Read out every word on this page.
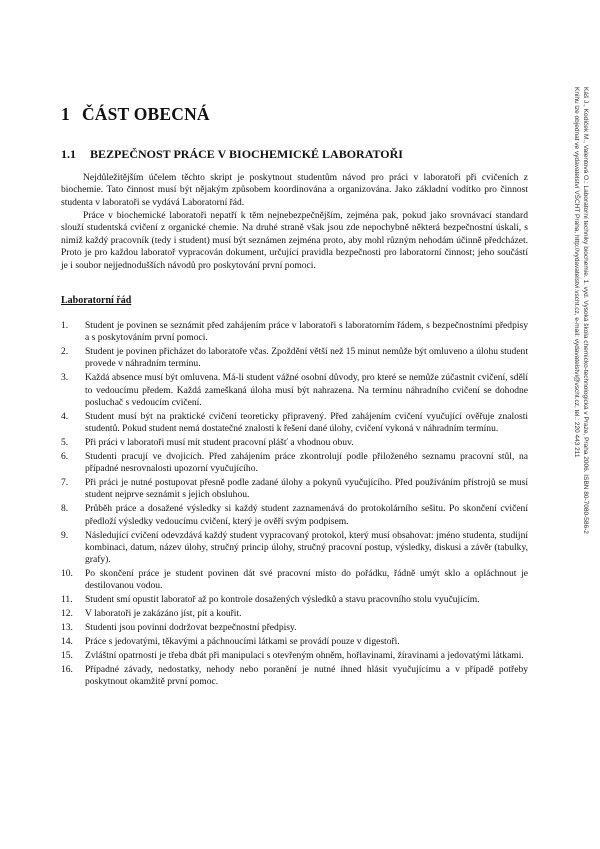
1 ČÁST OBECNÁ
1.1 BEZPEČNOST PRÁCE V BIOCHEMICKÉ LABORATOŘI

Nejdůležitějším účelem těchto skript je poskytnout studentům návod pro práci v laboratoři při cvičeních z biochemie. Tato činnost musí být nějakým způsobem koordinována a organizována. Jako základní vodítko pro činnost studenta v laboratoři se vydává Laboratorní řád.

Práce v biochemické laboratoři nepatří k těm nejnebezpečnějším, zejména pak, pokud jako srovnávací standard slouží studentská cvičení z organické chemie. Na druhé straně však jsou zde nepochybně některá bezpečnostní úskalí, s nimiž každý pracovník (tedy i student) musí být seznámen zejména proto, aby mohl různým nehodám účinně předcházet. Proto je pro každou laboratoř vypracován dokument, určující pravidla bezpečnosti pro laboratorní činnost; jeho součástí je i soubor nejjednodušších návodů pro poskytování první pomoci.

Laboratorní řád
1. Student je povinen se seznámit před zahájením práce v laboratoři s laboratorním řádem, s bezpečnostními předpisy a s poskytováním první pomoci.
2. Student je povinen přicházet do laboratoře včas. Zpoždění větší než 15 minut nemůže být omluveno a úlohu student provede v náhradním termínu.
3. Každá absence musí být omluvena. Má-li student vážné osobní důvody, pro které se nemůže zúčastnit cvičení, sdělí to vedoucímu předem. Každá zameškaná úloha musí být nahrazena. Na termínu náhradního cvičení se dohodne posluchač s vedoucím cvičení.
4. Student musí být na praktické cvičení teoreticky připravený. Před zahájením cvičení vyučující ověřuje znalosti studentů. Pokud student nemá dostatečné znalosti k řešení dané úlohy, cvičení vykoná v náhradním termínu.
5. Při práci v laboratoři musí mít student pracovní plášť a vhodnou obuv.
6. Studenti pracují ve dvojicích. Před zahájením práce zkontrolují podle přiloženého seznamu pracovní stůl, na případné nesrovnalosti upozorní vyučujícího.
7. Při práci je nutné postupovat přesně podle zadané úlohy a pokynů vyučujícího. Před používáním přístrojů se musí student nejprve seznámit s jejich obsluhou.
8. Průběh práce a dosažené výsledky si každý student zaznamenává do protokolárního sešitu. Po skončení cvičení předloží výsledky vedoucímu cvičení, který je ověří svým podpisem.
9. Následující cvičení odevzdává každý student vypracovaný protokol, který musí obsahovat: jméno studenta, studijní kombinaci, datum, název úlohy, stručný princip úlohy, stručný pracovní postup, výsledky, diskusi a závěr (tabulky, grafy).
10. Po skončení práce je student povinen dát své pracovní místo do pořádku, řádně umýt sklo a opláchnout je destilovanou vodou.
11. Student smí opustit laboratoř až po kontrole dosažených výsledků a stavu pracovního stolu vyučujícím.
12. V laboratoři je zakázáno jíst, pít a kouřit.
13. Studenti jsou povinni dodržovat bezpečnostní předpisy.
14. Práce s jedovatými, těkavými a páchnoucími látkami se provádí pouze v digestoři.
15. Zvláštní opatrnosti je třeba dbát při manipulaci s otevřeným ohněm, hořlavinami, žíravinami a jedovatými látkami.
16. Případné závady, nedostatky, nehody nebo poranění je nutné ihned hlásit vyučujícímu a v případě potřeby poskytnout okamžitě první pomoc.
Káš J., Kodíček M., Valentová O.: Laboratorní techniky biochemie. 1. vyd. Vysoká škola chemicko-technologická v Praze, Praha 2006. ISBN 80-7080-586-2
Knihu lze objednat ve vydavatelství VŠCHT Praha, http://vydavatelstvi.vscht.cz, e-mail: vydavatelstvi@vscht.cz, tel.: 220 443 211
